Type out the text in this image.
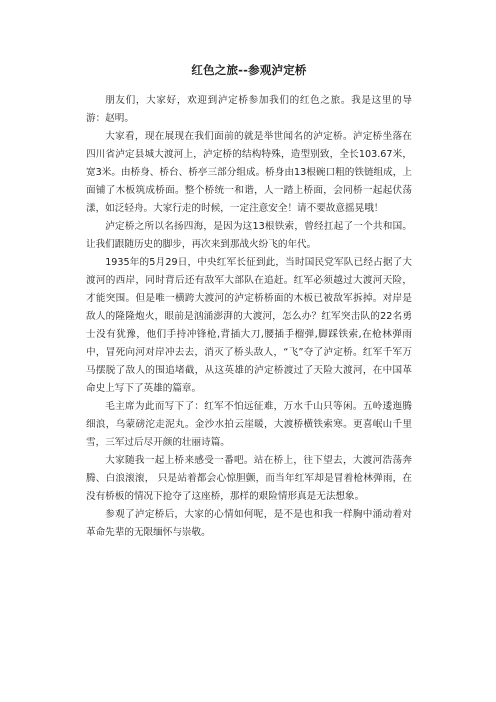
红色之旅--参观泸定桥

朋友们，大家好，欢迎到泸定桥参加我们的红色之旅。我是这里的导游：赵明。

大家看，现在展现在我们面前的就是举世闻名的泸定桥。泸定桥坐落在四川省泸定县城大渡河上，泸定桥的结构特殊，造型别致，全长103.67米，宽3米。由桥身、桥台、桥亭三部分组成。桥身由13根碗口粗的铁链组成，上面铺了木板筑成桥面。整个桥统一和谐，人一踏上桥面，会同桥一起起伏荡漾，如泛轻舟。大家行走的时候，一定注意安全！请不要故意摇晃哦！

泸定桥之所以名扬四海，是因为这13根铁索，曾经扛起了一个共和国。让我们跟随历史的脚步，再次来到那战火纷飞的年代。

1935年的5月29日，中央红军长征到此，当时国民党军队已经占据了大渡河的西岸，同时背后还有敌军大部队在追赶。红军必须越过大渡河天险，才能突围。但是唯一横跨大渡河的泸定桥桥面的木板已被敌军拆掉。对岸是敌人的隆隆炮火，眼前是汹涌澎湃的大渡河，怎么办？红军突击队的22名勇士没有犹豫，他们手持冲锋枪,背插大刀,腰插手榴弹,脚踩铁索,在枪林弹雨中，冒死向河对岸冲去去，消灭了桥头敌人，“飞”夺了泸定桥。红军千军万马摆脱了敌人的围追堵截，从这英雄的泸定桥渡过了天险大渡河，在中国革命史上写下了英雄的篇章。

毛主席为此而写下了：红军不怕远征难，万水千山只等闲。五岭逶迤腾细浪，乌蒙磅沱走泥丸。金沙水拍云崖暖，大渡桥横铁索寒。更喜岷山千里雪，三军过后尽开颜的壮丽诗篇。

大家随我一起上桥来感受一番吧。站在桥上，往下望去，大渡河浩荡奔腾、白浪滚滚， 只是站着都会心惊胆颤，而当年红军却是冒着枪林弹雨，在没有桥板的情况下抢夺了这座桥，那样的艰险情形真是无法想象。

参观了泸定桥后，大家的心情如何呢，是不是也和我一样胸中涌动着对革命先辈的无限缅怀与崇敬。
